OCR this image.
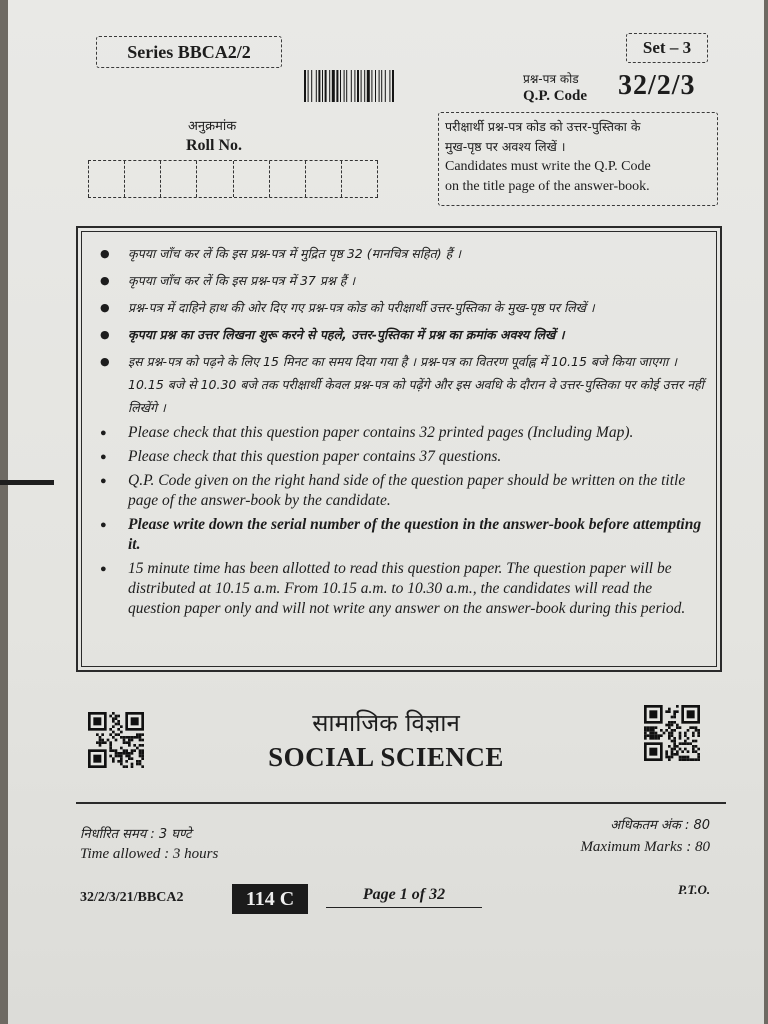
Series BBCA2/2	Set – 3
प्रश्न-पत्र कोड
Q.P. Code 32/2/3
अनुक्रमांक
Roll No.
परीक्षार्थी प्रश्न-पत्र कोड को उत्तर-पुस्तिका के
मुख-पृष्ठ पर अवश्य लिखें ।
Candidates must write the Q.P. Code
on the title page of the answer-book.
● कृपया जाँच कर लें कि इस प्रश्न-पत्र में मुद्रित पृष्ठ 32 (मानचित्र सहित) हैं ।
● कृपया जाँच कर लें कि इस प्रश्न-पत्र में 37 प्रश्न हैं ।
● प्रश्न-पत्र में दाहिने हाथ की ओर दिए गए प्रश्न-पत्र कोड को परीक्षार्थी उत्तर-पुस्तिका के मुख-पृष्ठ पर लिखें ।
● कृपया प्रश्न का उत्तर लिखना शुरू करने से पहले, उत्तर-पुस्तिका में प्रश्न का क्रमांक अवश्य लिखें ।
● इस प्रश्न-पत्र को पढ़ने के लिए 15 मिनट का समय दिया गया है । प्रश्न-पत्र का वितरण पूर्वाह्न में 10.15 बजे किया जाएगा । 10.15 बजे से 10.30 बजे तक परीक्षार्थी केवल प्रश्न-पत्र को पढ़ेंगे और इस अवधि के दौरान वे उत्तर-पुस्तिका पर कोई उत्तर नहीं लिखेंगे ।
● Please check that this question paper contains 32 printed pages (Including Map).
● Please check that this question paper contains 37 questions.
● Q.P. Code given on the right hand side of the question paper should be written on the title page of the answer-book by the candidate.
● Please write down the serial number of the question in the answer-book before attempting it.
● 15 minute time has been allotted to read this question paper. The question paper will be distributed at 10.15 a.m. From 10.15 a.m. to 10.30 a.m., the candidates will read the question paper only and will not write any answer on the answer-book during this period.
सामाजिक विज्ञान
SOCIAL SCIENCE
निर्धारित समय : 3 घण्टे
Time allowed : 3 hours
अधिकतम अंक : 80
Maximum Marks : 80
32/2/3/21/BBCA2	114 C	Page 1 of 32	P.T.O.
